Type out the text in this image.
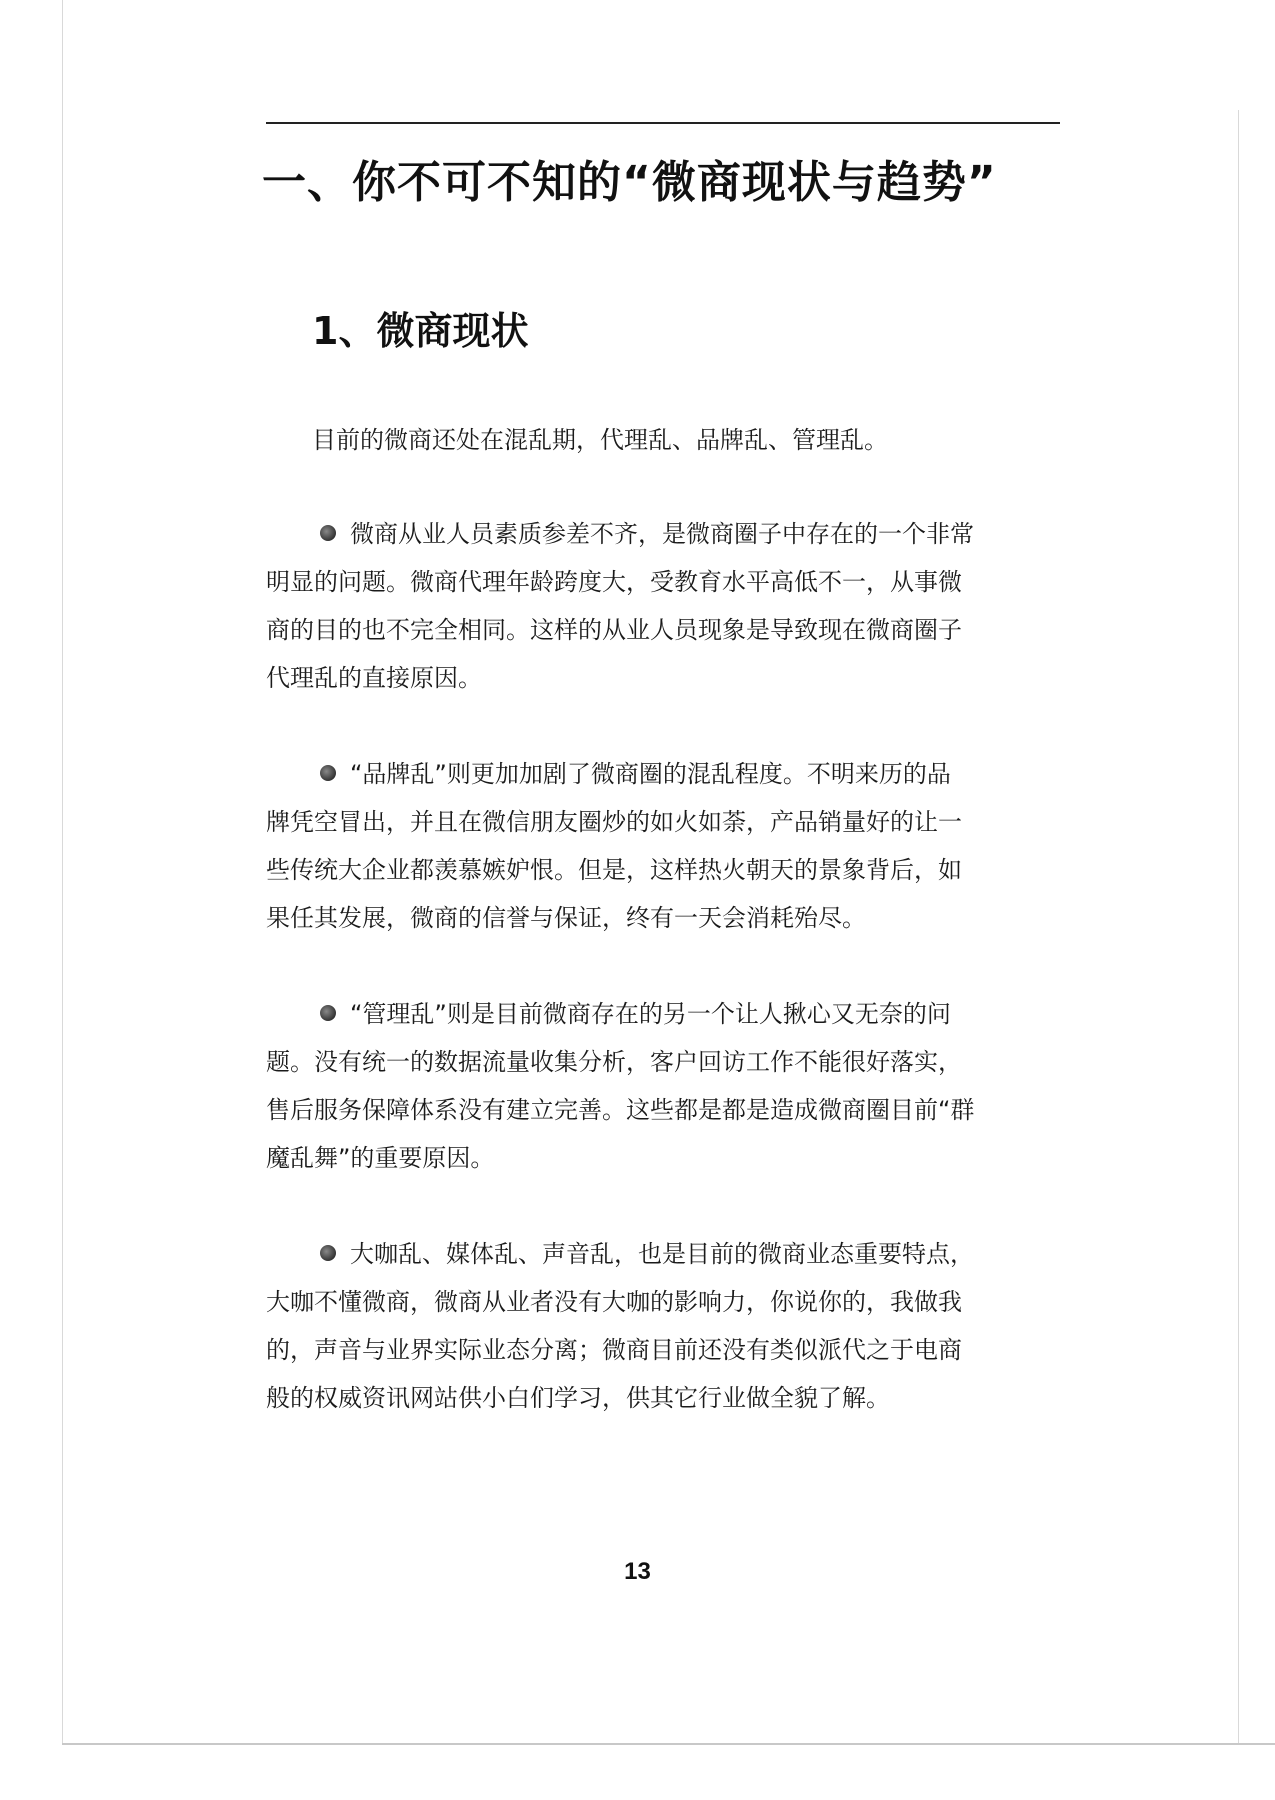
一、你不可不知的“微商现状与趋势”
1、微商现状
目前的微商还处在混乱期，代理乱、品牌乱、管理乱。
微商从业人员素质参差不齐，是微商圈子中存在的一个非常
明显的问题。微商代理年龄跨度大，受教育水平高低不一，从事微
商的目的也不完全相同。这样的从业人员现象是导致现在微商圈子
代理乱的直接原因。
“品牌乱”则更加加剧了微商圈的混乱程度。不明来历的品
牌凭空冒出，并且在微信朋友圈炒的如火如荼，产品销量好的让一
些传统大企业都羡慕嫉妒恨。但是，这样热火朝天的景象背后，如
果任其发展，微商的信誉与保证，终有一天会消耗殆尽。
“管理乱”则是目前微商存在的另一个让人揪心又无奈的问
题。没有统一的数据流量收集分析，客户回访工作不能很好落实，
售后服务保障体系没有建立完善。这些都是都是造成微商圈目前“群
魔乱舞”的重要原因。
大咖乱、媒体乱、声音乱，也是目前的微商业态重要特点，
大咖不懂微商，微商从业者没有大咖的影响力，你说你的，我做我
的，声音与业界实际业态分离；微商目前还没有类似派代之于电商
般的权威资讯网站供小白们学习，供其它行业做全貌了解。
13
